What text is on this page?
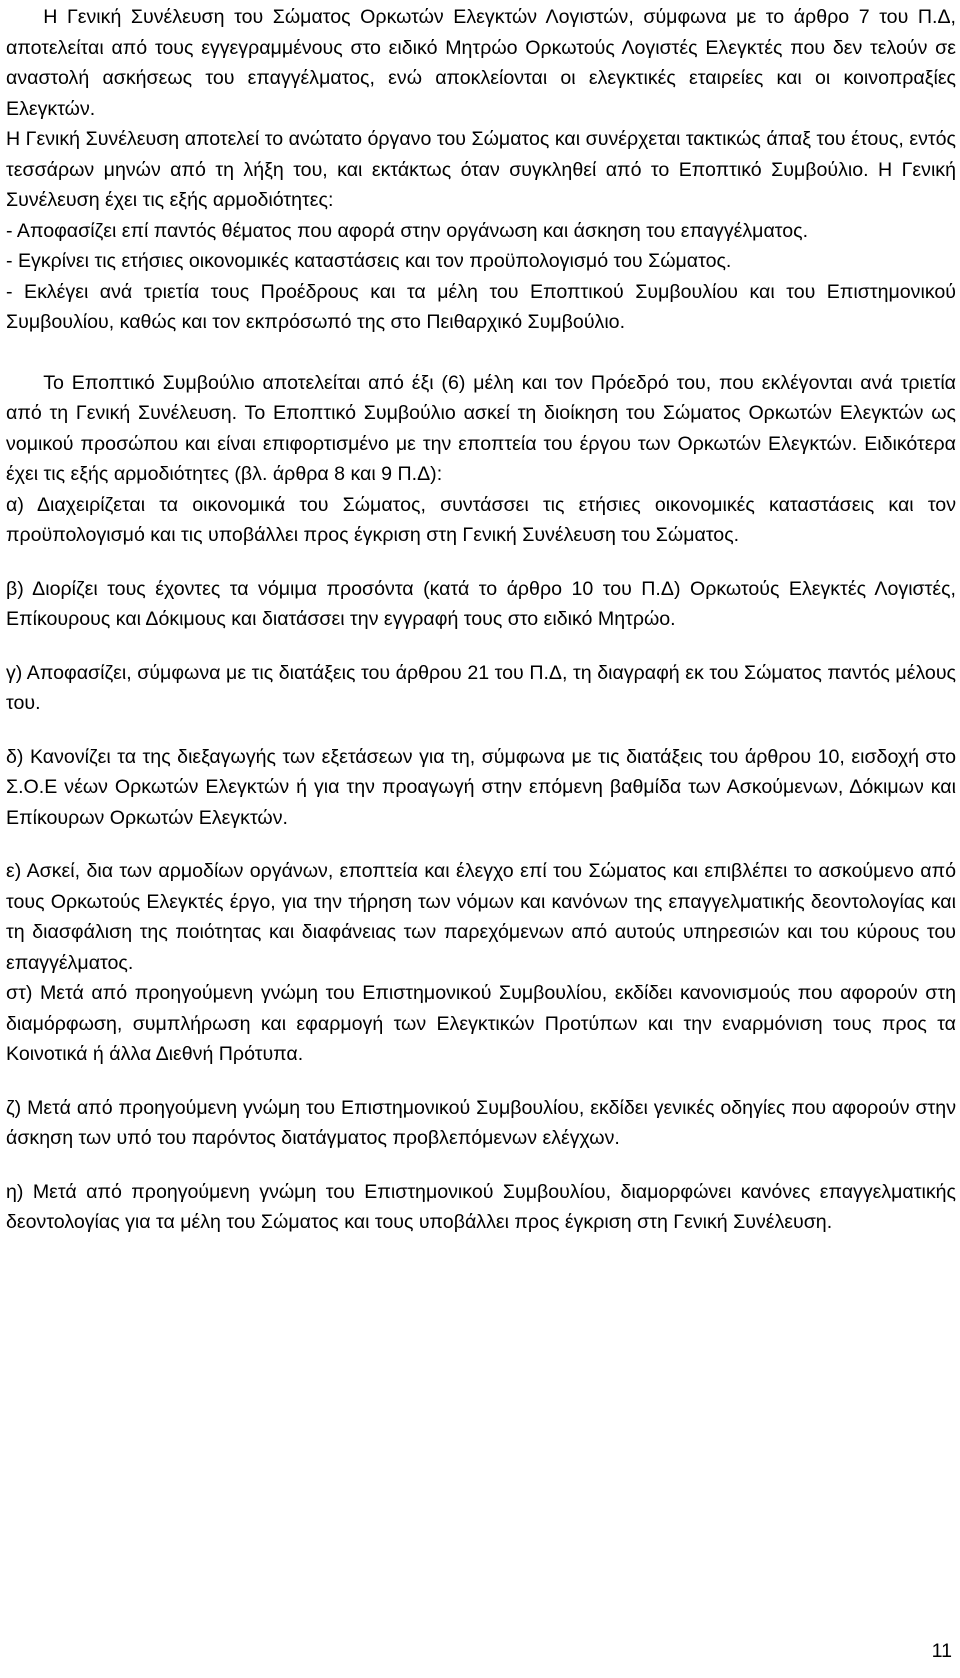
Η Γενική Συνέλευση του Σώματος Ορκωτών Ελεγκτών Λογιστών, σύμφωνα με το άρθρο 7 του Π.Δ, αποτελείται από τους εγγεγραμμένους στο ειδικό Μητρώο Ορκωτούς Λογιστές Ελεγκτές που δεν τελούν σε αναστολή ασκήσεως του επαγγέλματος, ενώ αποκλείονται οι ελεγκτικές εταιρείες και οι κοινοπραξίες Ελεγκτών.

Η Γενική Συνέλευση αποτελεί το ανώτατο όργανο του Σώματος και συνέρχεται τακτικώς άπαξ του έτους, εντός τεσσάρων μηνών από τη λήξη του, και εκτάκτως όταν συγκληθεί από το Εποπτικό Συμβούλιο. Η Γενική Συνέλευση έχει τις εξής αρμοδιότητες:

- Αποφασίζει επί παντός θέματος που αφορά στην οργάνωση και άσκηση του επαγγέλματος.

- Εγκρίνει τις ετήσιες οικονομικές καταστάσεις και τον προϋπολογισμό του Σώματος.

- Εκλέγει ανά τριετία τους Προέδρους και τα μέλη του Εποπτικού Συμβουλίου και του Επιστημονικού Συμβουλίου, καθώς και τον εκπρόσωπό της στο Πειθαρχικό Συμβούλιο.

Το Εποπτικό Συμβούλιο αποτελείται από έξι (6) μέλη και τον Πρόεδρό του, που εκλέγονται ανά τριετία από τη Γενική Συνέλευση. Το Εποπτικό Συμβούλιο ασκεί τη διοίκηση του Σώματος Ορκωτών Ελεγκτών ως νομικού προσώπου και είναι επιφορτισμένο με την εποπτεία του έργου των Ορκωτών Ελεγκτών. Ειδικότερα έχει τις εξής αρμοδιότητες (βλ. άρθρα 8 και 9 Π.Δ):

α) Διαχειρίζεται τα οικονομικά του Σώματος, συντάσσει τις ετήσιες οικονομικές καταστάσεις και τον προϋπολογισμό και τις υποβάλλει προς έγκριση στη Γενική Συνέλευση του Σώματος.

β) Διορίζει τους έχοντες τα νόμιμα προσόντα (κατά το άρθρο 10 του Π.Δ) Ορκωτούς Ελεγκτές Λογιστές, Επίκουρους και Δόκιμους και διατάσσει την εγγραφή τους στο ειδικό Μητρώο.

γ) Αποφασίζει, σύμφωνα με τις διατάξεις του άρθρου 21 του Π.Δ, τη διαγραφή εκ του Σώματος παντός μέλους του.

δ) Κανονίζει τα της διεξαγωγής των εξετάσεων για τη, σύμφωνα με τις διατάξεις του άρθρου 10, εισδοχή στο Σ.Ο.Ε νέων Ορκωτών Ελεγκτών ή για την προαγωγή στην επόμενη βαθμίδα των Ασκούμενων, Δόκιμων και Επίκουρων Ορκωτών Ελεγκτών.

ε) Ασκεί, δια των αρμοδίων οργάνων, εποπτεία και έλεγχο επί του Σώματος και επιβλέπει το ασκούμενο από τους Ορκωτούς Ελεγκτές έργο, για την τήρηση των νόμων και κανόνων της επαγγελματικής δεοντολογίας και τη διασφάλιση της ποιότητας και διαφάνειας των παρεχόμενων από αυτούς υπηρεσιών και του κύρους του επαγγέλματος.

στ) Μετά από προηγούμενη γνώμη του Επιστημονικού Συμβουλίου, εκδίδει κανονισμούς που αφορούν στη διαμόρφωση, συμπλήρωση και εφαρμογή των Ελεγκτικών Προτύπων και την εναρμόνιση τους προς τα Κοινοτικά ή άλλα Διεθνή Πρότυπα.

ζ) Μετά από προηγούμενη γνώμη του Επιστημονικού Συμβουλίου, εκδίδει γενικές οδηγίες που αφορούν στην άσκηση των υπό του παρόντος διατάγματος προβλεπόμενων ελέγχων.

η) Μετά από προηγούμενη γνώμη του Επιστημονικού Συμβουλίου, διαμορφώνει κανόνες επαγγελματικής δεοντολογίας για τα μέλη του Σώματος και τους υποβάλλει προς έγκριση στη Γενική Συνέλευση.

11
